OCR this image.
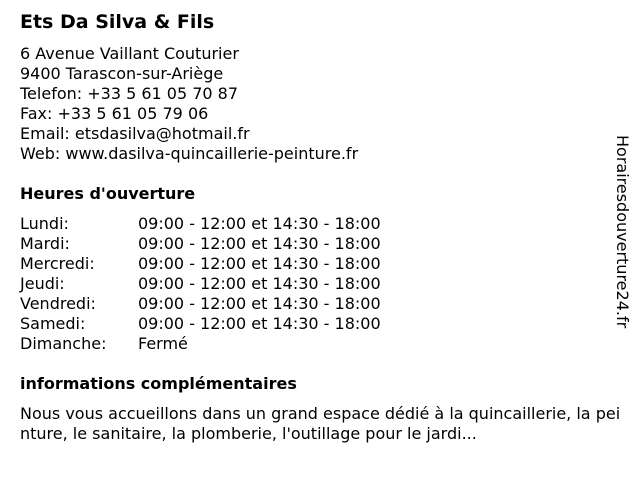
Ets Da Silva & Fils
6 Avenue Vaillant Couturier
9400 Tarascon-sur-Ariège
Telefon: +33 5 61 05 70 87
Fax: +33 5 61 05 79 06
Email: etsdasilva@hotmail.fr
Web: www.dasilva-quincaillerie-peinture.fr
Heures d'ouverture
Lundi:	09:00 - 12:00 et 14:30 - 18:00
Mardi:	09:00 - 12:00 et 14:30 - 18:00
Mercredi:	09:00 - 12:00 et 14:30 - 18:00
Jeudi:	09:00 - 12:00 et 14:30 - 18:00
Vendredi:	09:00 - 12:00 et 14:30 - 18:00
Samedi:	09:00 - 12:00 et 14:30 - 18:00
Dimanche:	Fermé
informations complémentaires
Nous vous accueillons dans un grand espace dédié à la quincaillerie, la peinture, le sanitaire, la plomberie, l'outillage pour le jardi...
Horairesdouverture24.fr
